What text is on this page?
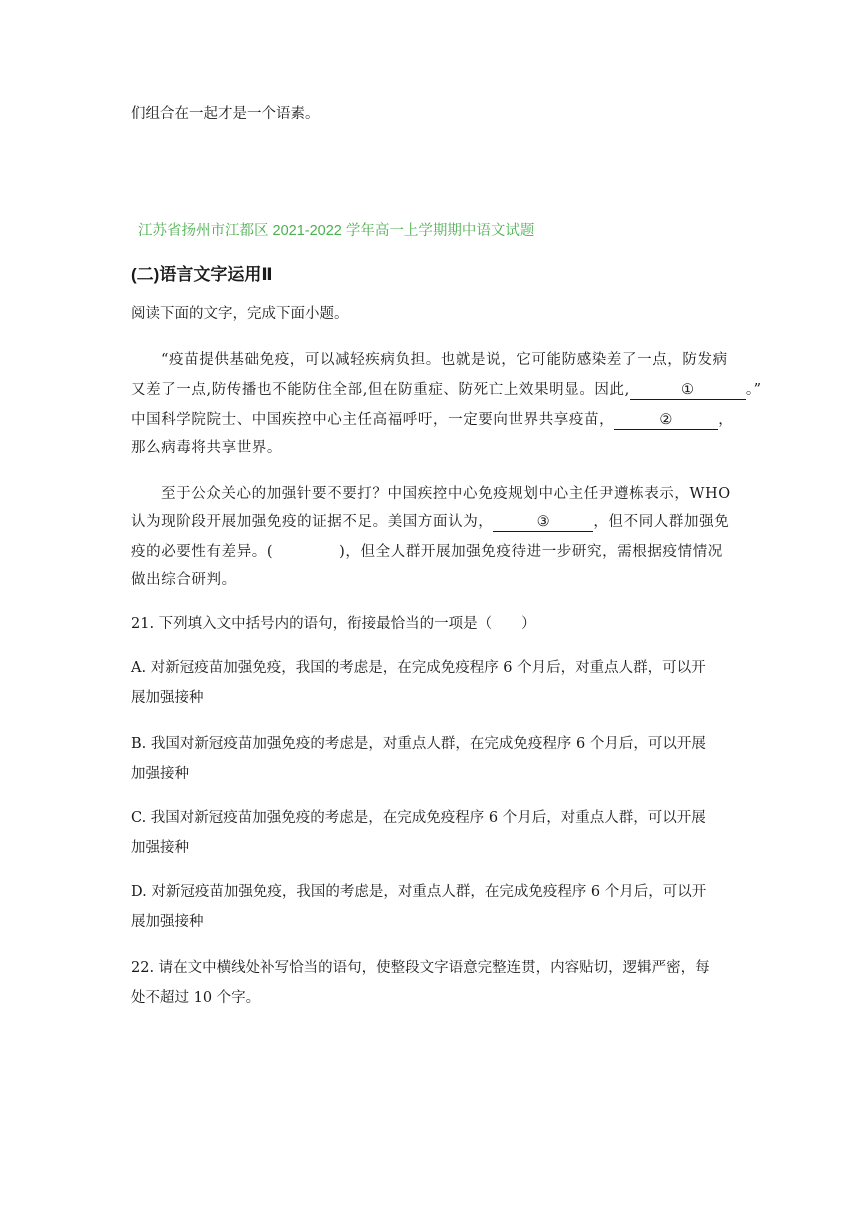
们组合在一起才是一个语素。
江苏省扬州市江都区 2021-2022 学年高一上学期期中语文试题
(二)语言文字运用Ⅱ
阅读下面的文字，完成下面小题。
“疫苗提供基础免疫，可以减轻疾病负担。也就是说，它可能防感染差了一点，防发病
又差了一点,防传播也不能防住全部,但在防重症、防死亡上效果明显。因此,	①	。”
中国科学院院士、中国疾控中心主任高福呼吁，一定要向世界共享疫苗，	②	，
那么病毒将共享世界。
至于公众关心的加强针要不要打？中国疾控中心免疫规划中心主任尹遵栋表示，WHO
认为现阶段开展加强免疫的证据不足。美国方面认为，	③	，但不同人群加强免
疫的必要性有差异。(	)，但全人群开展加强免疫待进一步研究，需根据疫情情况
做出综合研判。
21. 下列填入文中括号内的语句，衔接最恰当的一项是（　　）
A. 对新冠疫苗加强免疫，我国的考虑是，在完成免疫程序 6 个月后，对重点人群，可以开
展加强接种
B. 我国对新冠疫苗加强免疫的考虑是，对重点人群，在完成免疫程序 6 个月后，可以开展
加强接种
C. 我国对新冠疫苗加强免疫的考虑是，在完成免疫程序 6 个月后，对重点人群，可以开展
加强接种
D. 对新冠疫苗加强免疫，我国的考虑是，对重点人群，在完成免疫程序 6 个月后，可以开
展加强接种
22. 请在文中横线处补写恰当的语句，使整段文字语意完整连贯，内容贴切，逻辑严密，每
处不超过 10 个字。
